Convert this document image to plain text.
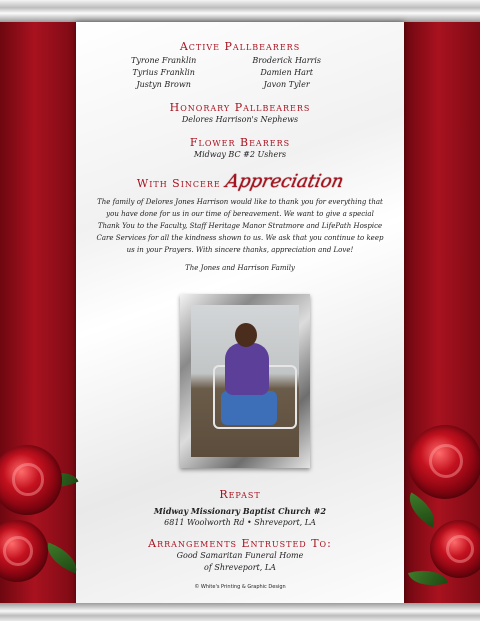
Active Pallbearers
Tyrone Franklin
Tyrius Franklin
Justyn Brown
Broderick Harris
Damien Hart
Javon Tyler
Honorary Pallbearers
Delores Harrison's Nephews
Flower Bearers
Midway BC #2 Ushers
With Sincere Appreciation

The family of Delores Jones Harrison would like to thank you for everything that you have done for us in our time of bereavement. We want to give a special Thank You to the Faculty, Staff Heritage Manor Stratmore and LifePath Hospice Care Services for all the kindness shown to us. We ask that you continue to keep us in your Prayers. With sincere thanks, appreciation and Love!

The Jones and Harrison Family
Repast
Midway Missionary Baptist Church #2
6811 Woolworth Rd • Shreveport, LA
Arrangements Entrusted To:
Good Samaritan Funeral Home
of Shreveport, LA
© White's Printing & Graphic Design
